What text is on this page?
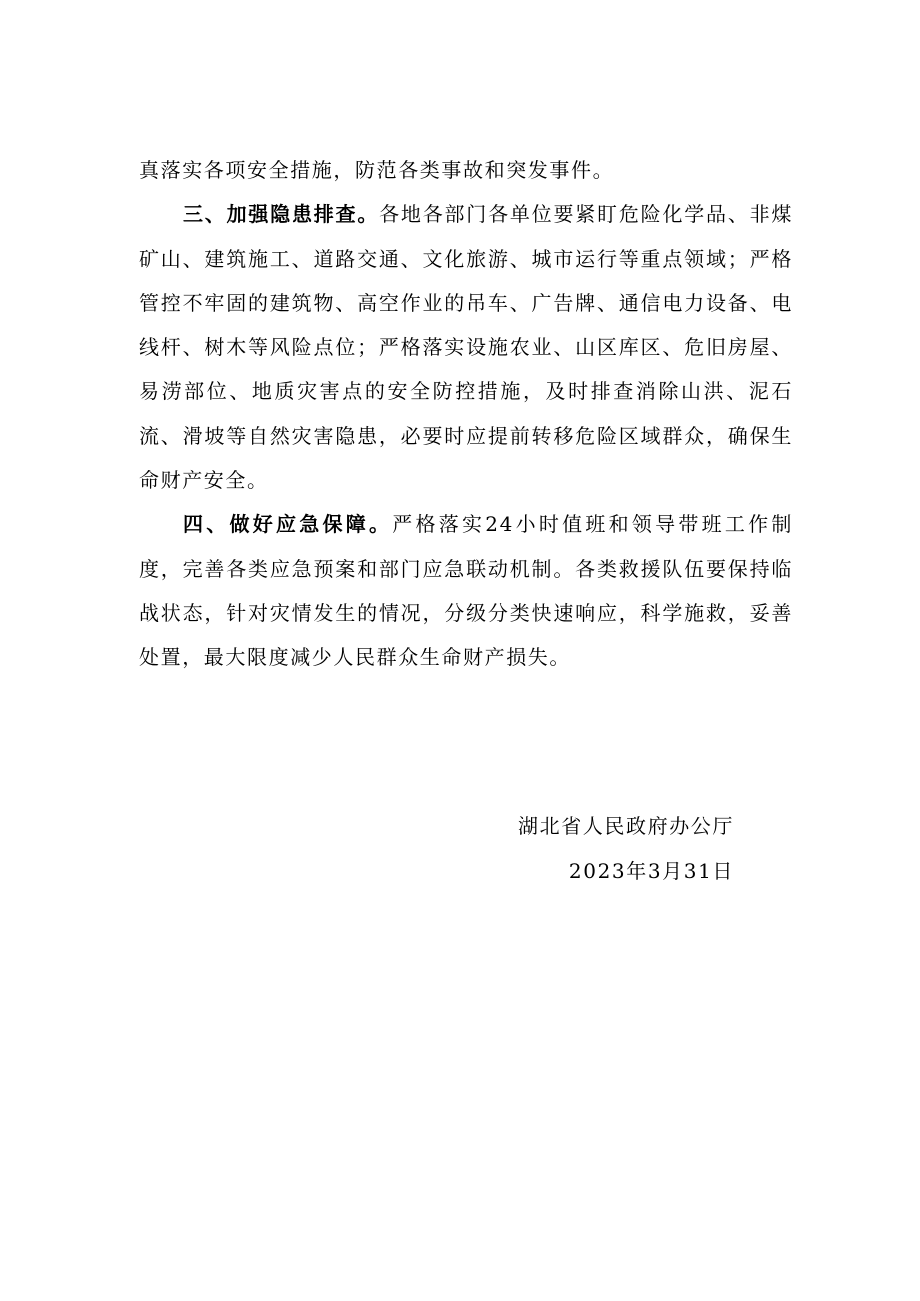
真落实各项安全措施，防范各类事故和突发事件。

三、加强隐患排查。各地各部门各单位要紧盯危险化学品、非煤矿山、建筑施工、道路交通、文化旅游、城市运行等重点领域；严格管控不牢固的建筑物、高空作业的吊车、广告牌、通信电力设备、电线杆、树木等风险点位；严格落实设施农业、山区库区、危旧房屋、易涝部位、地质灾害点的安全防控措施，及时排查消除山洪、泥石流、滑坡等自然灾害隐患，必要时应提前转移危险区域群众，确保生命财产安全。

四、做好应急保障。严格落实24小时值班和领导带班工作制度，完善各类应急预案和部门应急联动机制。各类救援队伍要保持临战状态，针对灾情发生的情况，分级分类快速响应，科学施救，妥善处置，最大限度减少人民群众生命财产损失。

湖北省人民政府办公厅
2023年3月31日
